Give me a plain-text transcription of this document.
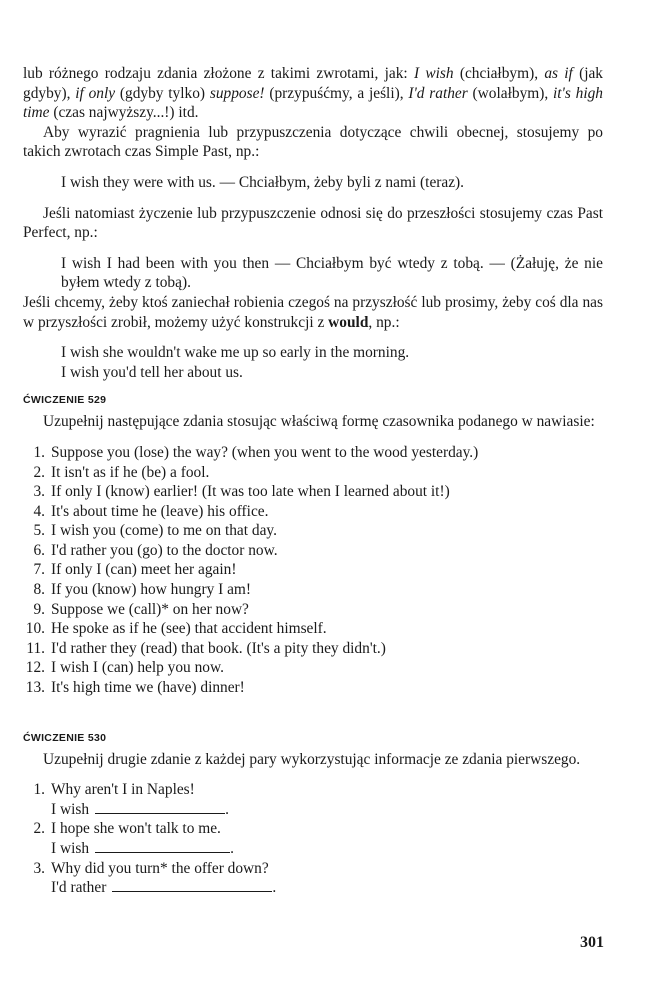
lub różnego rodzaju zdania złożone z takimi zwrotami, jak: I wish (chciałbym), as if (jak gdyby), if only (gdyby tylko) suppose! (przypuśćmy, a jeśli), I'd rather (wolałbym), it's high time (czas najwyższy...!) itd.

Aby wyrazić pragnienia lub przypuszczenia dotyczące chwili obecnej, stosujemy po takich zwrotach czas Simple Past, np.:

I wish they were with us. — Chciałbym, żeby byli z nami (teraz).

Jeśli natomiast życzenie lub przypuszczenie odnosi się do przeszłości stosujemy czas Past Perfect, np.:

I wish I had been with you then — Chciałbym być wtedy z tobą. — (Żałuję, że nie byłem wtedy z tobą).

Jeśli chcemy, żeby ktoś zaniechał robienia czegoś na przyszłość lub prosimy, żeby coś dla nas w przyszłości zrobił, możemy użyć konstrukcji z would, np.:

I wish she wouldn't wake me up so early in the morning.

I wish you'd tell her about us.

ĆWICZENIE 529

Uzupełnij następujące zdania stosując właściwą formę czasownika podanego w nawiasie:

1. Suppose you (lose) the way? (when you went to the wood yesterday.)
2. It isn't as if he (be) a fool.
3. If only I (know) earlier! (It was too late when I learned about it!)
4. It's about time he (leave) his office.
5. I wish you (come) to me on that day.
6. I'd rather you (go) to the doctor now.
7. If only I (can) meet her again!
8. If you (know) how hungry I am!
9. Suppose we (call)* on her now?
10. He spoke as if he (see) that accident himself.
11. I'd rather they (read) that book. (It's a pity they didn't.)
12. I wish I (can) help you now.
13. It's high time we (have) dinner!

ĆWICZENIE 530

Uzupełnij drugie zdanie z każdej pary wykorzystując informacje ze zdania pierwszego.

1. Why aren't I in Naples!
I wish	.
2. I hope she won't talk to me.
I wish	.
3. Why did you turn* the offer down?
I'd rather	.
301
